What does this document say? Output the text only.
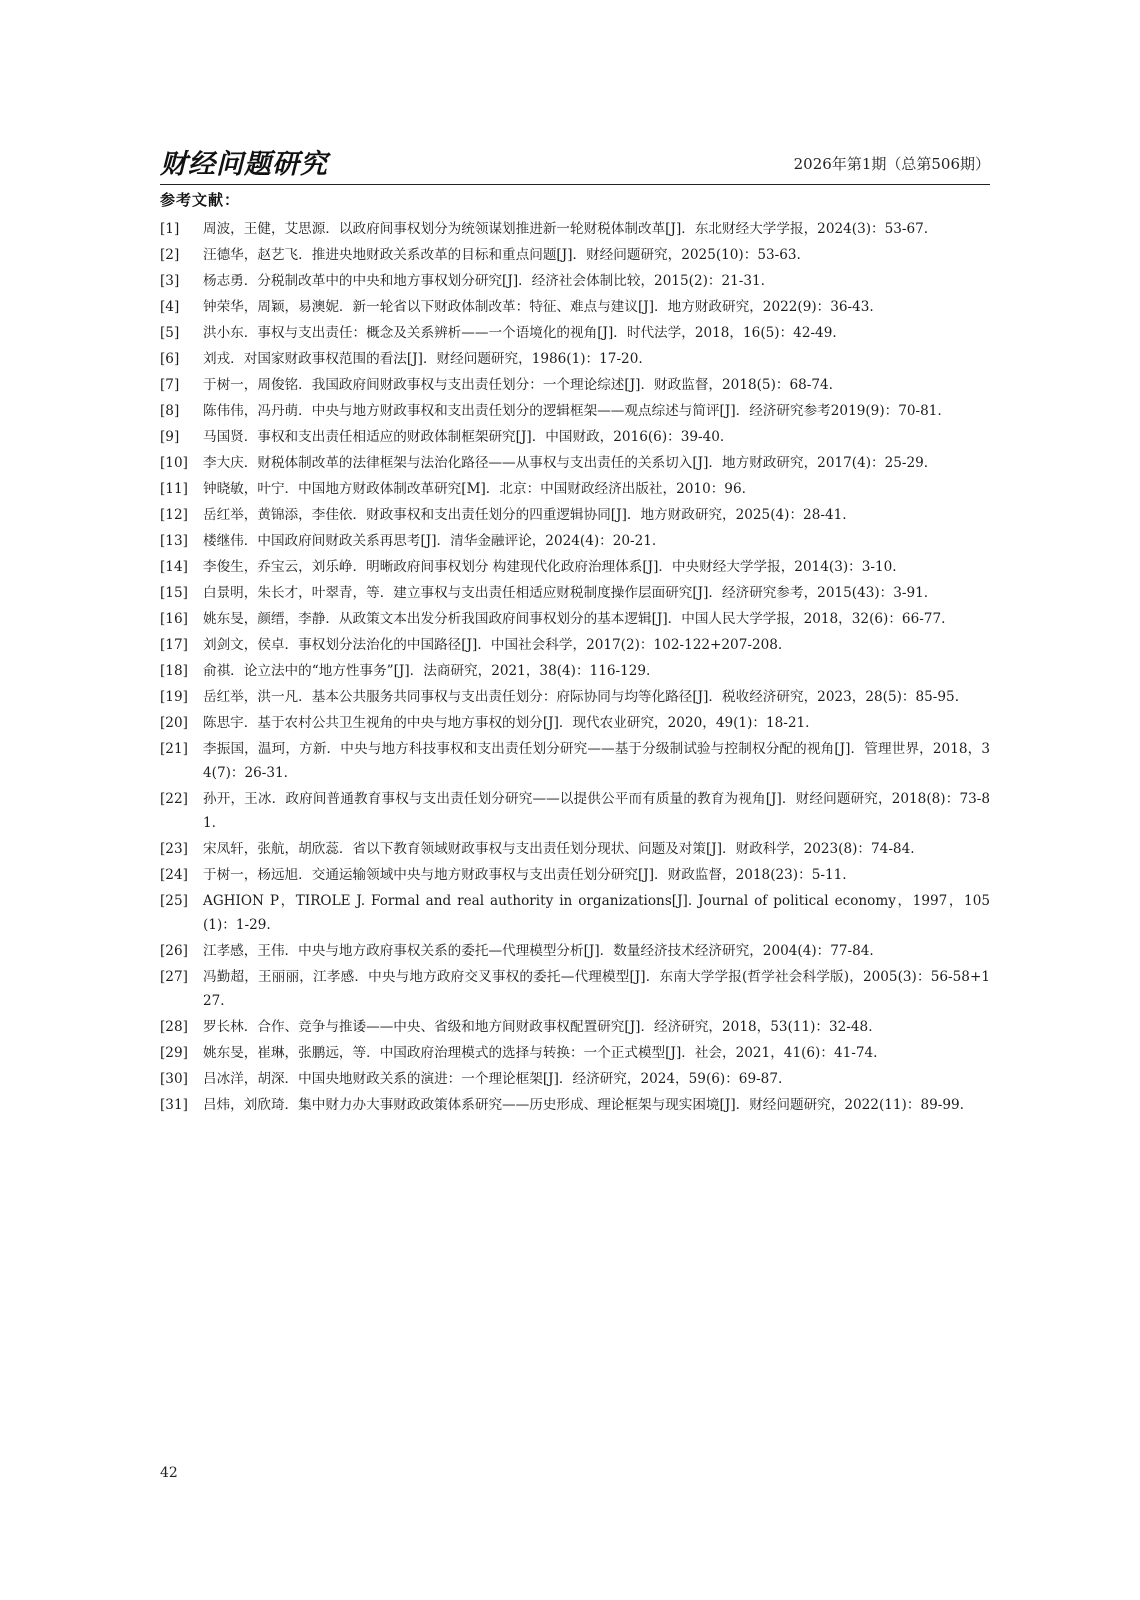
财经问题研究	2026年第1期（总第506期）
参考文献：
[1]	周波，王健，艾思源．以政府间事权划分为统领谋划推进新一轮财税体制改革[J]．东北财经大学学报，2024(3)：53-67.
[2]	汪德华，赵艺飞．推进央地财政关系改革的目标和重点问题[J]．财经问题研究，2025(10)：53-63.
[3]	杨志勇．分税制改革中的中央和地方事权划分研究[J]．经济社会体制比较，2015(2)：21-31.
[4]	钟荣华，周颖，易澳妮．新一轮省以下财政体制改革：特征、难点与建议[J]．地方财政研究，2022(9)：36-43.
[5]	洪小东．事权与支出责任：概念及关系辨析——一个语境化的视角[J]．时代法学，2018，16(5)：42-49.
[6]	刘戎．对国家财政事权范围的看法[J]．财经问题研究，1986(1)：17-20.
[7]	于树一，周俊铭．我国政府间财政事权与支出责任划分：一个理论综述[J]．财政监督，2018(5)：68-74.
[8]	陈伟伟，冯丹萌．中央与地方财政事权和支出责任划分的逻辑框架——观点综述与简评[J]．经济研究参考2019(9)：70-81.
[9]	马国贤．事权和支出责任相适应的财政体制框架研究[J]．中国财政，2016(6)：39-40.
[10]	李大庆．财税体制改革的法律框架与法治化路径——从事权与支出责任的关系切入[J]．地方财政研究，2017(4)：25-29.
[11]	钟晓敏，叶宁．中国地方财政体制改革研究[M]．北京：中国财政经济出版社，2010：96.
[12]	岳红举，黄锦添，李佳依．财政事权和支出责任划分的四重逻辑协同[J]．地方财政研究，2025(4)：28-41.
[13]	楼继伟．中国政府间财政关系再思考[J]．清华金融评论，2024(4)：20-21.
[14]	李俊生，乔宝云，刘乐峥．明晰政府间事权划分 构建现代化政府治理体系[J]．中央财经大学学报，2014(3)：3-10.
[15]	白景明，朱长才，叶翠青，等．建立事权与支出责任相适应财税制度操作层面研究[J]．经济研究参考，2015(43)：3-91.
[16]	姚东旻，颜缙，李静．从政策文本出发分析我国政府间事权划分的基本逻辑[J]．中国人民大学学报，2018，32(6)：66-77.
[17]	刘剑文，侯卓．事权划分法治化的中国路径[J]．中国社会科学，2017(2)：102-122+207-208.
[18]	俞祺．论立法中的“地方性事务”[J]．法商研究，2021，38(4)：116-129.
[19]	岳红举，洪一凡．基本公共服务共同事权与支出责任划分：府际协同与均等化路径[J]．税收经济研究，2023，28(5)：85-95.
[20]	陈思宇．基于农村公共卫生视角的中央与地方事权的划分[J]．现代农业研究，2020，49(1)：18-21.
[21]	李振国，温珂，方新．中央与地方科技事权和支出责任划分研究——基于分级制试验与控制权分配的视角[J]．管理世界，2018，34(7)：26-31.
[22]	孙开，王冰．政府间普通教育事权与支出责任划分研究——以提供公平而有质量的教育为视角[J]．财经问题研究，2018(8)：73-81.
[23]	宋凤轩，张航，胡欣蕊．省以下教育领域财政事权与支出责任划分现状、问题及对策[J]．财政科学，2023(8)：74-84.
[24]	于树一，杨远旭．交通运输领域中央与地方财政事权与支出责任划分研究[J]．财政监督，2018(23)：5-11.
[25]	AGHION P，TIROLE J. Formal and real authority in organizations[J]. Journal of political economy，1997，105(1)：1-29.
[26]	江孝感，王伟．中央与地方政府事权关系的委托—代理模型分析[J]．数量经济技术经济研究，2004(4)：77-84.
[27]	冯勤超，王丽丽，江孝感．中央与地方政府交叉事权的委托—代理模型[J]．东南大学学报(哲学社会科学版)，2005(3)：56-58+127.
[28]	罗长林．合作、竞争与推诿——中央、省级和地方间财政事权配置研究[J]．经济研究，2018，53(11)：32-48.
[29]	姚东旻，崔琳，张鹏远，等．中国政府治理模式的选择与转换：一个正式模型[J]．社会，2021，41(6)：41-74.
[30]	吕冰洋，胡深．中国央地财政关系的演进：一个理论框架[J]．经济研究，2024，59(6)：69-87.
[31]	吕炜，刘欣琦．集中财力办大事财政政策体系研究——历史形成、理论框架与现实困境[J]．财经问题研究，2022(11)：89-99.
42
